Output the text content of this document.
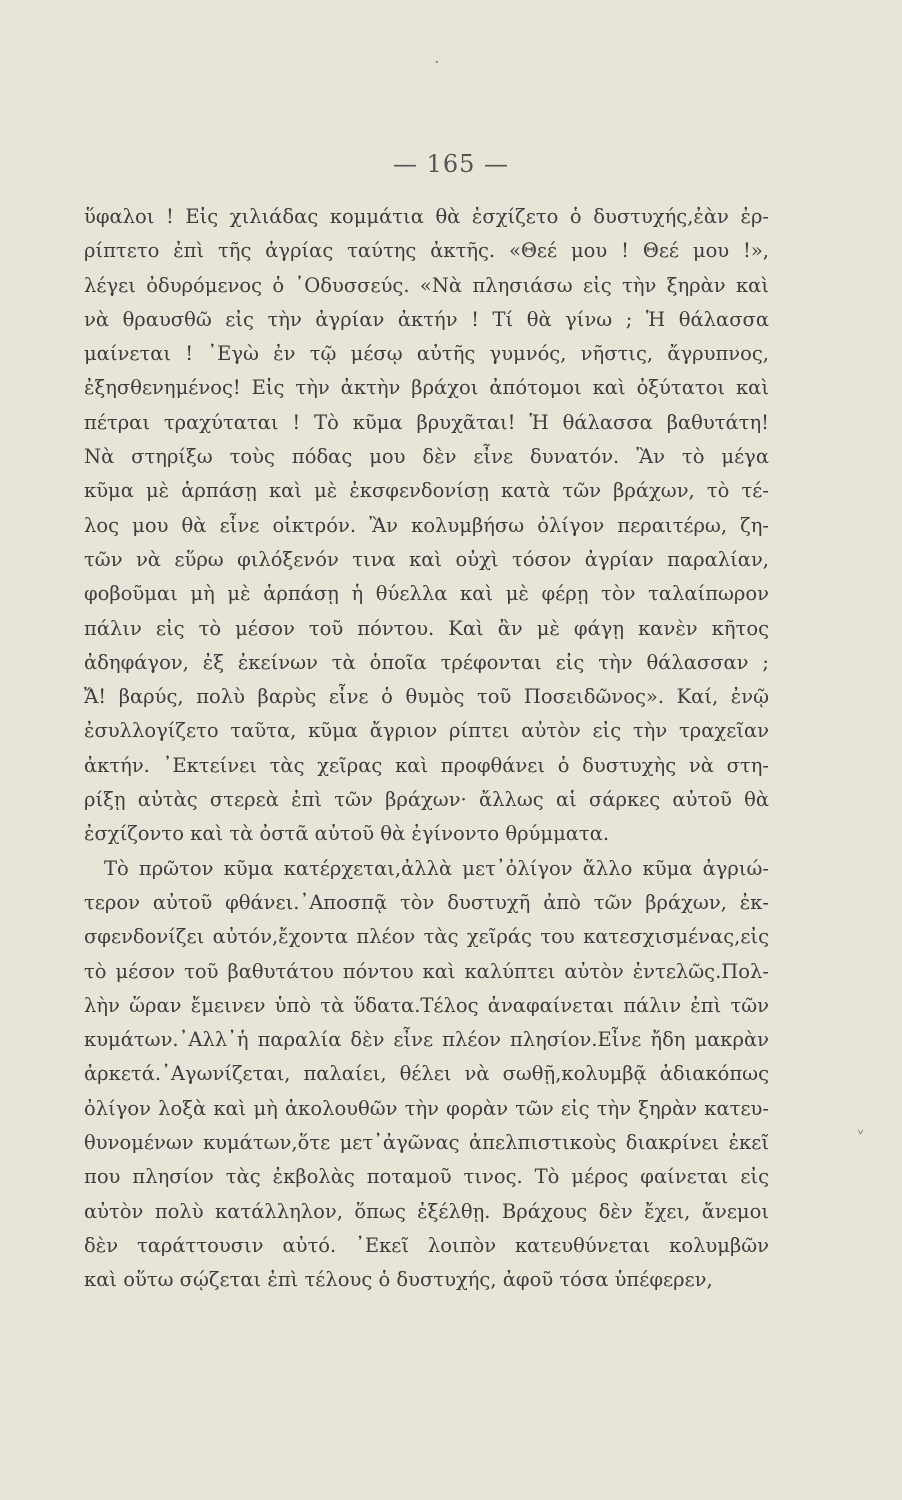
— 165 —
ὕφαλοι ! Εἰς χιλιάδας κομμάτια θὰ ἐσχίζετο ὁ δυστυχής,ἐὰν ἐρ-
ρίπτετο ἐπὶ τῆς ἀγρίας ταύτης ἀκτῆς. «Θεέ μου ! Θεέ μου !»,
λέγει ὀδυρόμενος ὁ ᾿Οδυσσεύς. «Νὰ πλησιάσω εἰς τὴν ξηρὰν καὶ
νὰ θραυσθῶ εἰς τὴν ἀγρίαν ἀκτήν ! Τί θὰ γίνω ; Ἡ θάλασσα
μαίνεται ! ᾿Εγὼ ἐν τῷ μέσῳ αὐτῆς γυμνός, νῆστις, ἄγρυπνος,
ἐξησθενημένος! Εἰς τὴν ἀκτὴν βράχοι ἀπότομοι καὶ ὀξύτατοι καὶ
πέτραι τραχύταται ! Τὸ κῦμα βρυχᾶται! Ἡ θάλασσα βαθυτάτη!
Νὰ στηρίξω τοὺς πόδας μου δὲν εἶνε δυνατόν. Ἂν τὸ μέγα
κῦμα μὲ ἁρπάσῃ καὶ μὲ ἐκσφενδονίσῃ κατὰ τῶν βράχων, τὸ τέ-
λος μου θὰ εἶνε οἰκτρόν. Ἂν κολυμβήσω ὀλίγον περαιτέρω, ζη-
τῶν νὰ εὕρω φιλόξενόν τινα καὶ οὐχὶ τόσον ἀγρίαν παραλίαν,
φοβοῦμαι μὴ μὲ ἁρπάσῃ ἡ θύελλα καὶ μὲ φέρῃ τὸν ταλαίπωρον
πάλιν εἰς τὸ μέσον τοῦ πόντου. Καὶ ἂν μὲ φάγῃ κανὲν κῆτος
ἀδηφάγον, ἐξ ἐκείνων τὰ ὁποῖα τρέφονται εἰς τὴν θάλασσαν ;
Ἄ! βαρύς, πολὺ βαρὺς εἶνε ὁ θυμὸς τοῦ Ποσειδῶνος». Καί, ἐνῷ
ἐσυλλογίζετο ταῦτα, κῦμα ἄγριον ρίπτει αὐτὸν εἰς τὴν τραχεῖαν
ἀκτήν. ᾿Εκτείνει τὰς χεῖρας καὶ προφθάνει ὁ δυστυχὴς νὰ στη-
ρίξῃ αὐτὰς στερεὰ ἐπὶ τῶν βράχων· ἄλλως αἱ σάρκες αὐτοῦ θὰ
ἐσχίζοντο καὶ τὰ ὀστᾶ αὐτοῦ θὰ ἐγίνοντο θρύμματα.
Τὸ πρῶτον κῦμα κατέρχεται,ἀλλὰ μετ᾿ὀλίγον ἄλλο κῦμα ἀγριώ-
τερον αὐτοῦ φθάνει.᾿Αποσπᾷ τὸν δυστυχῆ ἀπὸ τῶν βράχων, ἐκ-
σφενδονίζει αὐτόν,ἔχοντα πλέον τὰς χεῖράς του κατεσχισμένας,εἰς
τὸ μέσον τοῦ βαθυτάτου πόντου καὶ καλύπτει αὐτὸν ἐντελῶς.Πολ-
λὴν ὥραν ἔμεινεν ὑπὸ τὰ ὕδατα.Τέλος ἀναφαίνεται πάλιν ἐπὶ τῶν
κυμάτων.᾿Αλλ᾿ἡ παραλία δὲν εἶνε πλέον πλησίον.Εἶνε ἤδη μακρὰν
ἀρκετά.᾿Αγωνίζεται, παλαίει, θέλει νὰ σωθῇ,κολυμβᾷ ἀδιακόπως
ὀλίγον λοξὰ καὶ μὴ ἀκολουθῶν τὴν φορὰν τῶν εἰς τὴν ξηρὰν κατευ-
θυνομένων κυμάτων,ὅτε μετ᾿ἀγῶνας ἀπελπιστικοὺς διακρίνει ἐκεῖ
που πλησίον τὰς ἐκβολὰς ποταμοῦ τινος. Τὸ μέρος φαίνεται εἰς
αὐτὸν πολὺ κατάλληλον, ὅπως ἐξέλθῃ. Βράχους δὲν ἔχει, ἄνεμοι
δὲν ταράττουσιν αὐτό. ᾿Εκεῖ λοιπὸν κατευθύνεται κολυμβῶν
καὶ οὕτω σῴζεται ἐπὶ τέλους ὁ δυστυχής, ἀφοῦ τόσα ὑπέφερεν,
·
˅
